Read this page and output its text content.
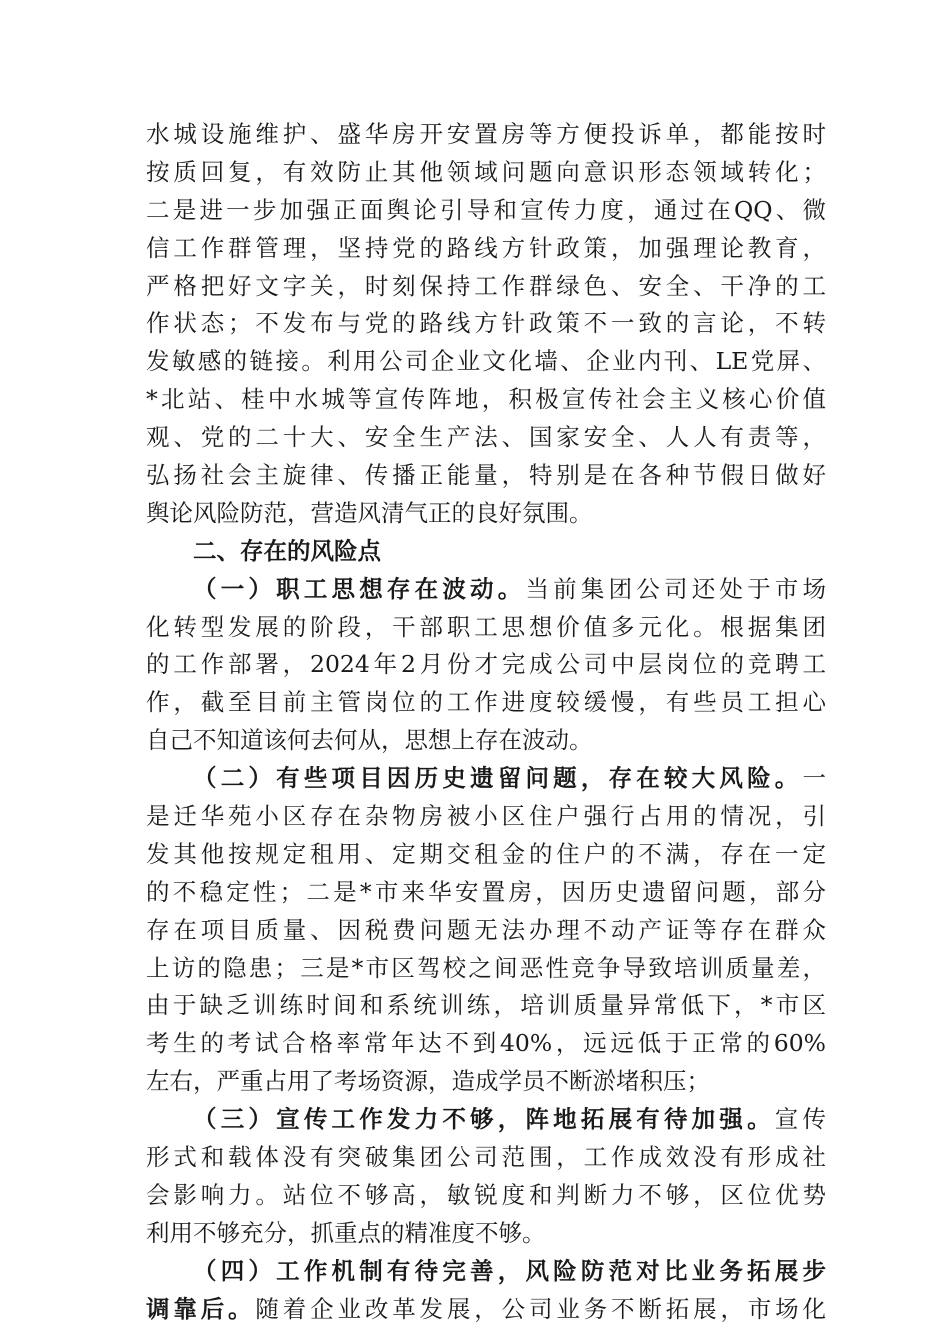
水城设施维护、盛华房开安置房等方便投诉单，都能按时
按质回复，有效防止其他领域问题向意识形态领域转化；
二是进一步加强正面舆论引导和宣传力度，通过在QQ、微
信工作群管理，坚持党的路线方针政策，加强理论教育，
严格把好文字关，时刻保持工作群绿色、安全、干净的工
作状态；不发布与党的路线方针政策不一致的言论，不转
发敏感的链接。利用公司企业文化墙、企业内刊、LE党屏、
*北站、桂中水城等宣传阵地，积极宣传社会主义核心价值
观、党的二十大、安全生产法、国家安全、人人有责等，
弘扬社会主旋律、传播正能量，特别是在各种节假日做好
舆论风险防范，营造风清气正的良好氛围。
二、存在的风险点
（一）职工思想存在波动。当前集团公司还处于市场
化转型发展的阶段，干部职工思想价值多元化。根据集团
的工作部署，2024年2月份才完成公司中层岗位的竞聘工
作，截至目前主管岗位的工作进度较缓慢，有些员工担心
自己不知道该何去何从，思想上存在波动。
（二）有些项目因历史遗留问题，存在较大风险。一
是迁华苑小区存在杂物房被小区住户强行占用的情况，引
发其他按规定租用、定期交租金的住户的不满，存在一定
的不稳定性；二是*市来华安置房，因历史遗留问题，部分
存在项目质量、因税费问题无法办理不动产证等存在群众
上访的隐患；三是*市区驾校之间恶性竞争导致培训质量差，
由于缺乏训练时间和系统训练，培训质量异常低下，*市区
考生的考试合格率常年达不到40%，远远低于正常的60%
左右，严重占用了考场资源，造成学员不断淤堵积压；
（三）宣传工作发力不够，阵地拓展有待加强。宣传
形式和载体没有突破集团公司范围，工作成效没有形成社
会影响力。站位不够高，敏锐度和判断力不够，区位优势
利用不够充分，抓重点的精准度不够。
（四）工作机制有待完善，风险防范对比业务拓展步
调靠后。随着企业改革发展，公司业务不断拓展，市场化
